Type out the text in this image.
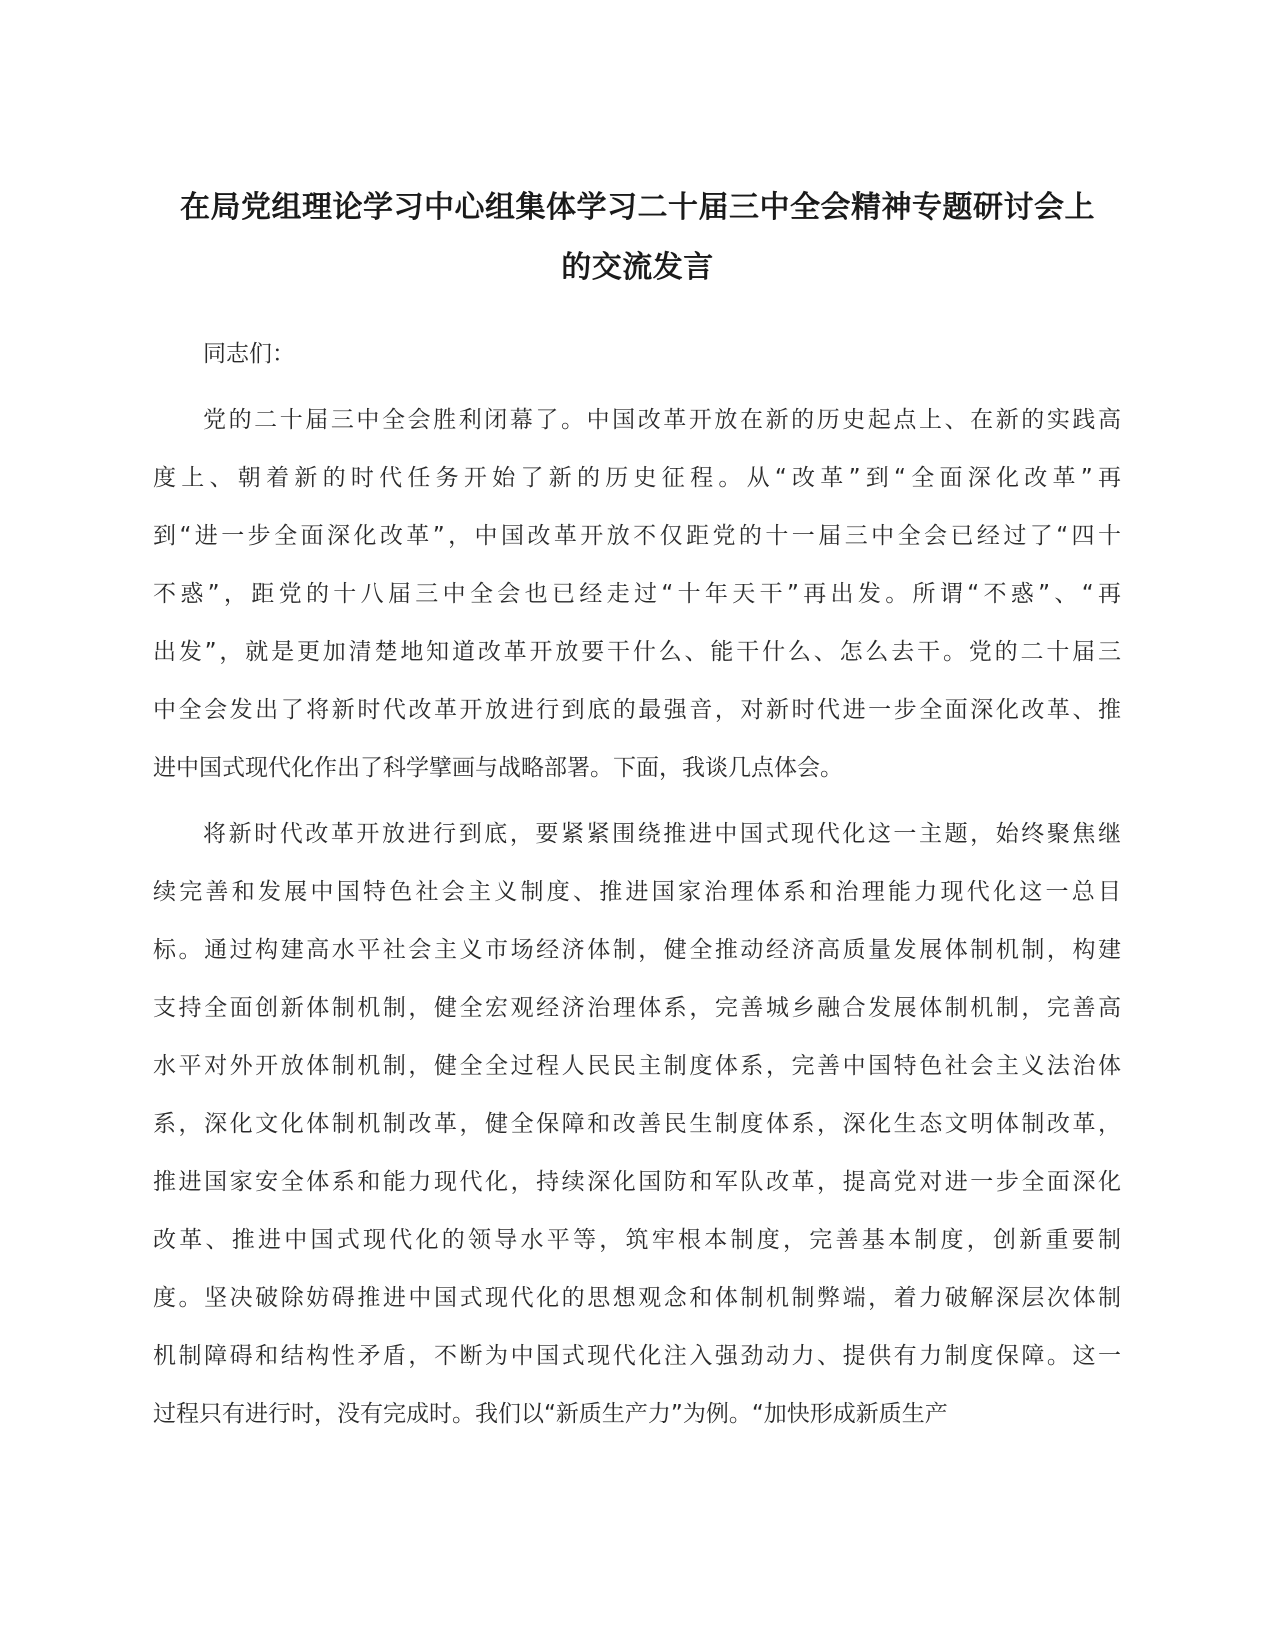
在局党组理论学习中心组集体学习二十届三中全会精神专题研讨会上
的交流发言
同志们：
党的二十届三中全会胜利闭幕了。中国改革开放在新的历史起点上、在新的实践高
度上、朝着新的时代任务开始了新的历史征程。从“改革”到“全面深化改革”再
到“进一步全面深化改革”，中国改革开放不仅距党的十一届三中全会已经过了“四十
不惑”，距党的十八届三中全会也已经走过“十年天干”再出发。所谓“不惑”、“再
出发”，就是更加清楚地知道改革开放要干什么、能干什么、怎么去干。党的二十届三
中全会发出了将新时代改革开放进行到底的最强音，对新时代进一步全面深化改革、推
进中国式现代化作出了科学擘画与战略部署。下面，我谈几点体会。
将新时代改革开放进行到底，要紧紧围绕推进中国式现代化这一主题，始终聚焦继
续完善和发展中国特色社会主义制度、推进国家治理体系和治理能力现代化这一总目
标。通过构建高水平社会主义市场经济体制，健全推动经济高质量发展体制机制，构建
支持全面创新体制机制，健全宏观经济治理体系，完善城乡融合发展体制机制，完善高
水平对外开放体制机制，健全全过程人民民主制度体系，完善中国特色社会主义法治体
系，深化文化体制机制改革，健全保障和改善民生制度体系，深化生态文明体制改革，
推进国家安全体系和能力现代化，持续深化国防和军队改革，提高党对进一步全面深化
改革、推进中国式现代化的领导水平等，筑牢根本制度，完善基本制度，创新重要制
度。坚决破除妨碍推进中国式现代化的思想观念和体制机制弊端，着力破解深层次体制
机制障碍和结构性矛盾，不断为中国式现代化注入强劲动力、提供有力制度保障。这一
过程只有进行时，没有完成时。我们以“新质生产力”为例。“加快形成新质生产
